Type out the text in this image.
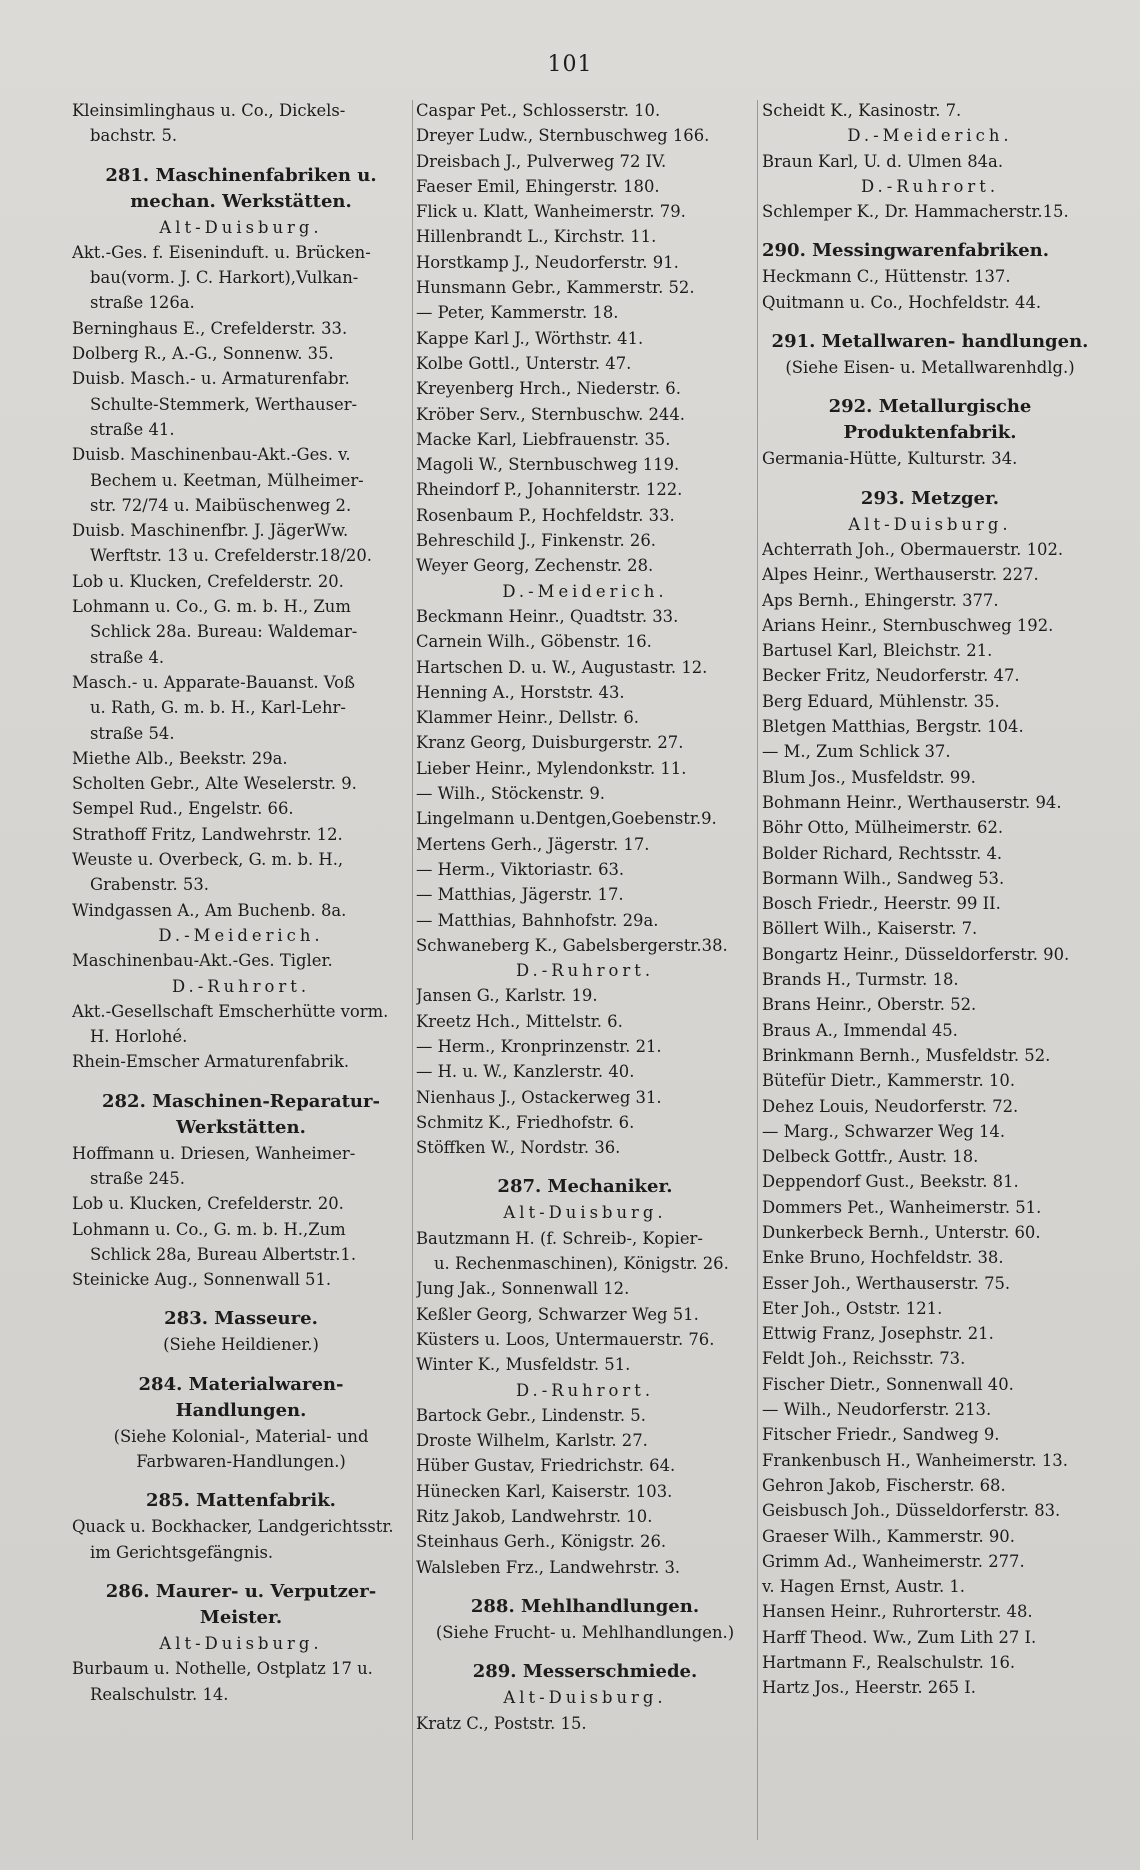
101
Kleinsimlinghaus u. Co., Dickels-
bachstr. 5.
281. Maschinenfabriken u. mechan. Werkstätten.
Alt-Duisburg.
Akt.-Ges. f. Eiseninduft. u. Brücken-
bau(vorm. J. C. Harkort),Vulkan-
straße 126a.
Berninghaus E., Crefelderstr. 33.
Dolberg R., A.-G., Sonnenw. 35.
Duisb. Masch.- u. Armaturenfabr.
Schulte-Stemmerk, Werthauser-
straße 41.
Duisb. Maschinenbau-Akt.-Ges. v.
Bechem u. Keetman, Mülheimer-
str. 72/74 u. Maibüschenweg 2.
Duisb. Maschinenfbr. J. JägerWw.
Werftstr. 13 u. Crefelderstr.18/20.
Lob u. Klucken, Crefelderstr. 20.
Lohmann u. Co., G. m. b. H., Zum
Schlick 28a. Bureau: Waldemar-
straße 4.
Masch.- u. Apparate-Bauanst. Voß
u. Rath, G. m. b. H., Karl-Lehr-
straße 54.
Miethe Alb., Beekstr. 29a.
Scholten Gebr., Alte Weselerstr. 9.
Sempel Rud., Engelstr. 66.
Strathoff Fritz, Landwehrstr. 12.
Weuste u. Overbeck, G. m. b. H.,
Grabenstr. 53.
Windgassen A., Am Buchenb. 8a.
D.-Meiderich.
Maschinenbau-Akt.-Ges. Tigler.
D.-Ruhrort.
Akt.-Gesellschaft Emscherhütte vorm.
H. Horlohé.
Rhein-Emscher Armaturenfabrik.
282. Maschinen-Reparatur- Werkstätten.
Hoffmann u. Driesen, Wanheimer-
straße 245.
Lob u. Klucken, Crefelderstr. 20.
Lohmann u. Co., G. m. b. H.,Zum
Schlick 28a, Bureau Albertstr.1.
Steinicke Aug., Sonnenwall 51.
283. Masseure.
(Siehe Heildiener.)
284. Materialwaren- Handlungen.
(Siehe Kolonial-, Material- und
Farbwaren-Handlungen.)
285. Mattenfabrik.
Quack u. Bockhacker, Landgerichtsstr.
im Gerichtsgefängnis.
286. Maurer- u. Verputzer- Meister.
Alt-Duisburg.
Burbaum u. Nothelle, Ostplatz 17 u.
Realschulstr. 14.
Caspar Pet., Schlosserstr. 10.
Dreyer Ludw., Sternbuschweg 166.
Dreisbach J., Pulverweg 72 IV.
Faeser Emil, Ehingerstr. 180.
Flick u. Klatt, Wanheimerstr. 79.
Hillenbrandt L., Kirchstr. 11.
Horstkamp J., Neudorferstr. 91.
Hunsmann Gebr., Kammerstr. 52.
— Peter, Kammerstr. 18.
Kappe Karl J., Wörthstr. 41.
Kolbe Gottl., Unterstr. 47.
Kreyenberg Hrch., Niederstr. 6.
Kröber Serv., Sternbuschw. 244.
Macke Karl, Liebfrauenstr. 35.
Magoli W., Sternbuschweg 119.
Rheindorf P., Johanniterstr. 122.
Rosenbaum P., Hochfeldstr. 33.
Behreschild J., Finkenstr. 26.
Weyer Georg, Zechenstr. 28.
D.-Meiderich.
Beckmann Heinr., Quadtstr. 33.
Carnein Wilh., Göbenstr. 16.
Hartschen D. u. W., Augustastr. 12.
Henning A., Horststr. 43.
Klammer Heinr., Dellstr. 6.
Kranz Georg, Duisburgerstr. 27.
Lieber Heinr., Mylendonkstr. 11.
— Wilh., Stöckenstr. 9.
Lingelmann u.Dentgen,Goebenstr.9.
Mertens Gerh., Jägerstr. 17.
— Herm., Viktoriastr. 63.
— Matthias, Jägerstr. 17.
— Matthias, Bahnhofstr. 29a.
Schwaneberg K., Gabelsbergerstr.38.
D.-Ruhrort.
Jansen G., Karlstr. 19.
Kreetz Hch., Mittelstr. 6.
— Herm., Kronprinzenstr. 21.
— H. u. W., Kanzlerstr. 40.
Nienhaus J., Ostackerweg 31.
Schmitz K., Friedhofstr. 6.
Stöffken W., Nordstr. 36.
287. Mechaniker.
Alt-Duisburg.
Bautzmann H. (f. Schreib-, Kopier-
u. Rechenmaschinen), Königstr. 26.
Jung Jak., Sonnenwall 12.
Keßler Georg, Schwarzer Weg 51.
Küsters u. Loos, Untermauerstr. 76.
Winter K., Musfeldstr. 51.
D.-Ruhrort.
Bartock Gebr., Lindenstr. 5.
Droste Wilhelm, Karlstr. 27.
Hüber Gustav, Friedrichstr. 64.
Hünecken Karl, Kaiserstr. 103.
Ritz Jakob, Landwehrstr. 10.
Steinhaus Gerh., Königstr. 26.
Walsleben Frz., Landwehrstr. 3.
288. Mehlhandlungen.
(Siehe Frucht- u. Mehlhandlungen.)
289. Messerschmiede.
Alt-Duisburg.
Kratz C., Poststr. 15.
Scheidt K., Kasinostr. 7.
D.-Meiderich.
Braun Karl, U. d. Ulmen 84a.
D.-Ruhrort.
Schlemper K., Dr. Hammacherstr.15.
290. Messingwarenfabriken.
Heckmann C., Hüttenstr. 137.
Quitmann u. Co., Hochfeldstr. 44.
291. Metallwaren- handlungen.
(Siehe Eisen- u. Metallwarenhdlg.)
292. Metallurgische Produktenfabrik.
Germania-Hütte, Kulturstr. 34.
293. Metzger.
Alt-Duisburg.
Achterrath Joh., Obermauerstr. 102.
Alpes Heinr., Werthauserstr. 227.
Aps Bernh., Ehingerstr. 377.
Arians Heinr., Sternbuschweg 192.
Bartusel Karl, Bleichstr. 21.
Becker Fritz, Neudorferstr. 47.
Berg Eduard, Mühlenstr. 35.
Bletgen Matthias, Bergstr. 104.
— M., Zum Schlick 37.
Blum Jos., Musfeldstr. 99.
Bohmann Heinr., Werthauserstr. 94.
Böhr Otto, Mülheimerstr. 62.
Bolder Richard, Rechtsstr. 4.
Bormann Wilh., Sandweg 53.
Bosch Friedr., Heerstr. 99 II.
Böllert Wilh., Kaiserstr. 7.
Bongartz Heinr., Düsseldorferstr. 90.
Brands H., Turmstr. 18.
Brans Heinr., Oberstr. 52.
Braus A., Immendal 45.
Brinkmann Bernh., Musfeldstr. 52.
Bütefür Dietr., Kammerstr. 10.
Dehez Louis, Neudorferstr. 72.
— Marg., Schwarzer Weg 14.
Delbeck Gottfr., Austr. 18.
Deppendorf Gust., Beekstr. 81.
Dommers Pet., Wanheimerstr. 51.
Dunkerbeck Bernh., Unterstr. 60.
Enke Bruno, Hochfeldstr. 38.
Esser Joh., Werthauserstr. 75.
Eter Joh., Oststr. 121.
Ettwig Franz, Josephstr. 21.
Feldt Joh., Reichsstr. 73.
Fischer Dietr., Sonnenwall 40.
— Wilh., Neudorferstr. 213.
Fitscher Friedr., Sandweg 9.
Frankenbusch H., Wanheimerstr. 13.
Gehron Jakob, Fischerstr. 68.
Geisbusch Joh., Düsseldorferstr. 83.
Graeser Wilh., Kammerstr. 90.
Grimm Ad., Wanheimerstr. 277.
v. Hagen Ernst, Austr. 1.
Hansen Heinr., Ruhrorterstr. 48.
Harff Theod. Ww., Zum Lith 27 I.
Hartmann F., Realschulstr. 16.
Hartz Jos., Heerstr. 265 I.
